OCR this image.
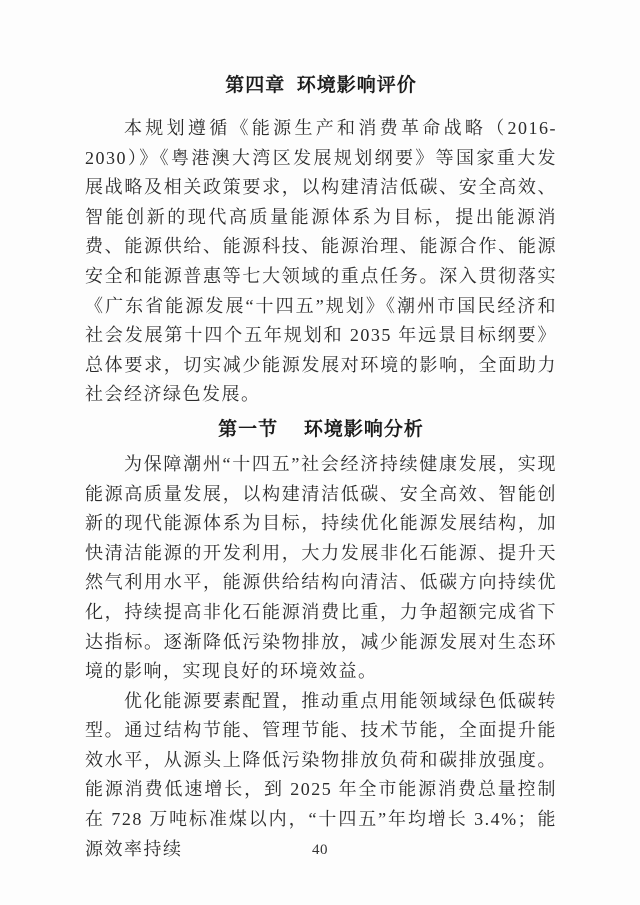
第四章  环境影响评价

本规划遵循《能源生产和消费革命战略（2016-2030）》《粤港澳大湾区发展规划纲要》等国家重大发展战略及相关政策要求，以构建清洁低碳、安全高效、智能创新的现代高质量能源体系为目标，提出能源消费、能源供给、能源科技、能源治理、能源合作、能源安全和能源普惠等七大领域的重点任务。深入贯彻落实《广东省能源发展“十四五”规划》《潮州市国民经济和社会发展第十四个五年规划和 2035 年远景目标纲要》总体要求，切实减少能源发展对环境的影响，全面助力社会经济绿色发展。

第一节　 环境影响分析

为保障潮州“十四五”社会经济持续健康发展，实现能源高质量发展，以构建清洁低碳、安全高效、智能创新的现代能源体系为目标，持续优化能源发展结构，加快清洁能源的开发利用，大力发展非化石能源、提升天然气利用水平，能源供给结构向清洁、低碳方向持续优化，持续提高非化石能源消费比重，力争超额完成省下达指标。逐渐降低污染物排放，减少能源发展对生态环境的影响，实现良好的环境效益。

优化能源要素配置，推动重点用能领域绿色低碳转型。通过结构节能、管理节能、技术节能，全面提升能效水平，从源头上降低污染物排放负荷和碳排放强度。能源消费低速增长，到 2025 年全市能源消费总量控制在 728 万吨标准煤以内，“十四五”年均增长 3.4%；能源效率持续	40
